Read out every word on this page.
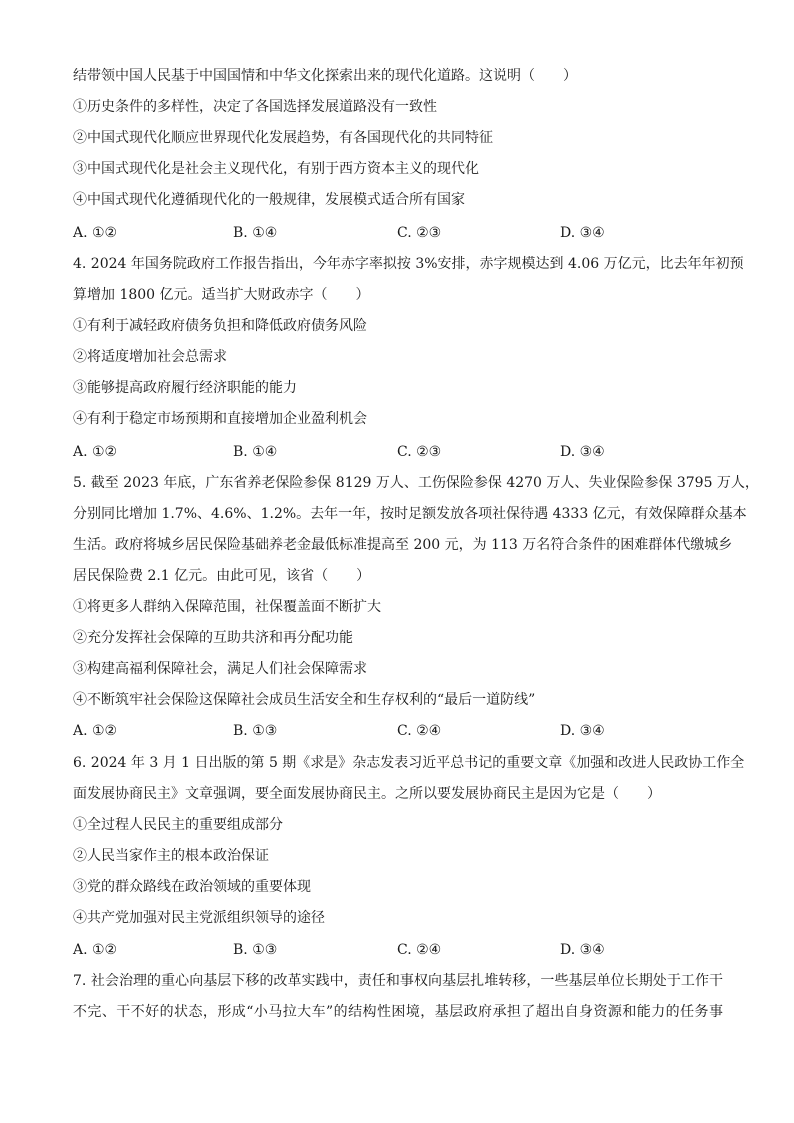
结带领中国人民基于中国国情和中华文化探索出来的现代化道路。这说明（　　）
①历史条件的多样性，决定了各国选择发展道路没有一致性
②中国式现代化顺应世界现代化发展趋势，有各国现代化的共同特征
③中国式现代化是社会主义现代化，有别于西方资本主义的现代化
④中国式现代化遵循现代化的一般规律，发展模式适合所有国家
A. ①②	B. ①④	C. ②③	D. ③④
4. 2024 年国务院政府工作报告指出，今年赤字率拟按 3%安排，赤字规模达到 4.06 万亿元，比去年年初预
算增加 1800 亿元。适当扩大财政赤字（　　）
①有利于减轻政府债务负担和降低政府债务风险
②将适度增加社会总需求
③能够提高政府履行经济职能的能力
④有利于稳定市场预期和直接增加企业盈利机会
A. ①②	B. ①④	C. ②③	D. ③④
5. 截至 2023 年底，广东省养老保险参保 8129 万人、工伤保险参保 4270 万人、失业保险参保 3795 万人，
分别同比增加 1.7%、4.6%、1.2%。去年一年，按时足额发放各项社保待遇 4333 亿元，有效保障群众基本
生活。政府将城乡居民保险基础养老金最低标准提高至 200 元，为 113 万名符合条件的困难群体代缴城乡
居民保险费 2.1 亿元。由此可见，该省（　　）
①将更多人群纳入保障范围，社保覆盖面不断扩大
②充分发挥社会保障的互助共济和再分配功能
③构建高福利保障社会，满足人们社会保障需求
④不断筑牢社会保险这保障社会成员生活安全和生存权利的“最后一道防线”
A. ①②	B. ①③	C. ②④	D. ③④
6. 2024 年 3 月 1 日出版的第 5 期《求是》杂志发表习近平总书记的重要文章《加强和改进人民政协工作全
面发展协商民主》文章强调，要全面发展协商民主。之所以要发展协商民主是因为它是（　　）
①全过程人民民主的重要组成部分
②人民当家作主的根本政治保证
③党的群众路线在政治领域的重要体现
④共产党加强对民主党派组织领导的途径
A. ①②	B. ①③	C. ②④	D. ③④
7. 社会治理的重心向基层下移的改革实践中，责任和事权向基层扎堆转移，一些基层单位长期处于工作干
不完、干不好的状态，形成“小马拉大车”的结构性困境，基层政府承担了超出自身资源和能力的任务事
